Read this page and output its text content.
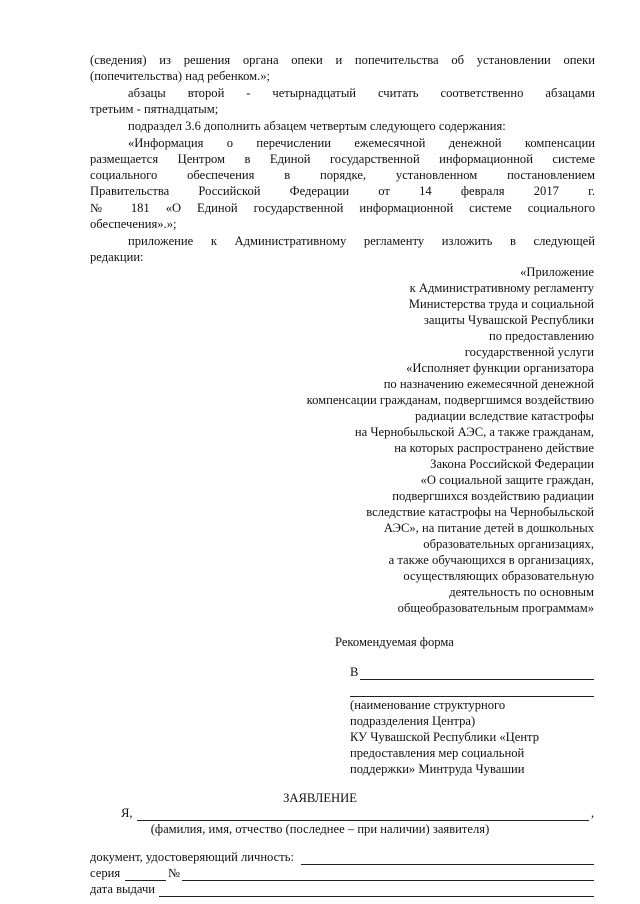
(сведения) из решения органа опеки и попечительства об установлении опеки
(попечительства) над ребенком.»;
абзацы второй - четырнадцатый считать соответственно абзацами
третьим - пятнадцатым;
подраздел 3.6 дополнить абзацем четвертым следующего содержания:
«Информация о перечислении ежемесячной денежной компенсации
размещается Центром в Единой государственной информационной системе
социального обеспечения в порядке, установленном постановлением
Правительства Российской Федерации от 14 февраля 2017 г.
№ 181 «О Единой государственной информационной системе социального
обеспечения».»;
приложение к Административному регламенту изложить в следующей
редакции:
«Приложение
к Административному регламенту
Министерства труда и социальной
защиты Чувашской Республики
по предоставлению
государственной услуги
«Исполняет функции организатора
по назначению ежемесячной денежной
компенсации гражданам, подвергшимся воздействию
радиации вследствие катастрофы
на Чернобыльской АЭС, а также гражданам,
на которых распространено действие
Закона Российской Федерации
«О социальной защите граждан,
подвергшихся воздействию радиации
вследствие катастрофы на Чернобыльской
АЭС», на питание детей в дошкольных
образовательных организациях,
а также обучающихся в организациях,
осуществляющих образовательную
деятельность по основным
общеобразовательным программам»
Рекомендуемая форма
В
(наименование структурного
подразделения Центра)
КУ Чувашской Республики «Центр
предоставления мер социальной
поддержки» Минтруда Чувашии
ЗАЯВЛЕНИЕ
Я,	,
(фамилия, имя, отчество (последнее – при наличии) заявителя)
документ, удостоверяющий личность:
серия	№
дата выдачи
